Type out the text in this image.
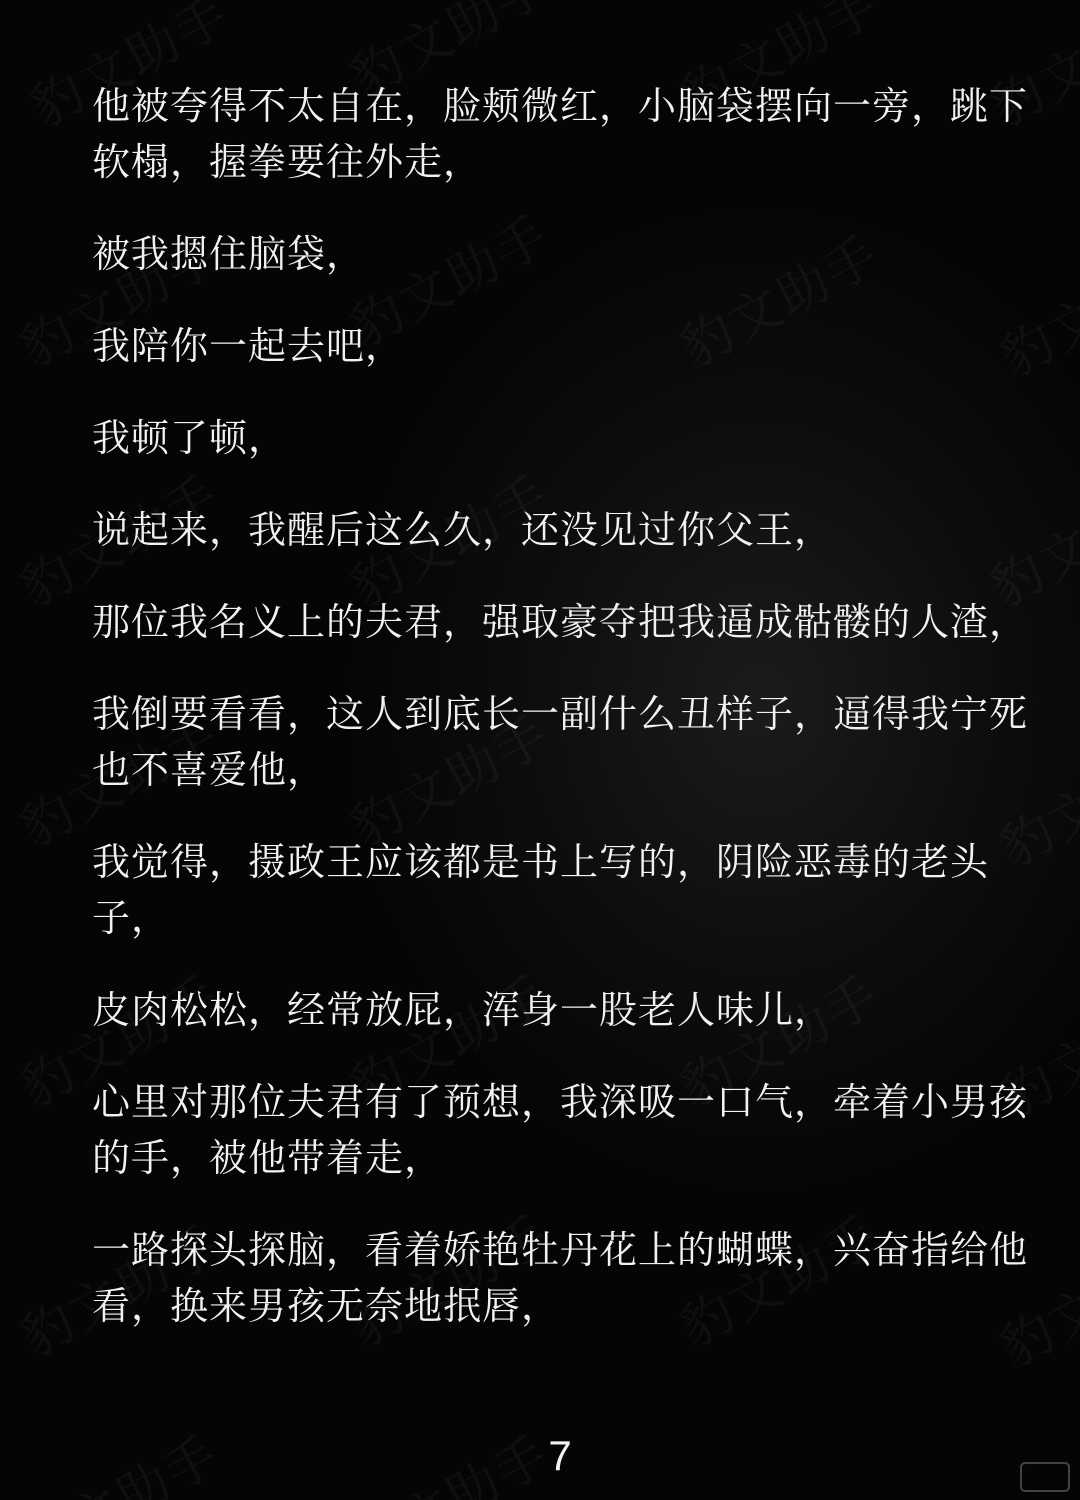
他被夸得不太自在，脸颊微红，小脑袋摆向一旁，跳下软榻，握拳要往外走，

被我摁住脑袋，

我陪你一起去吧，

我顿了顿，

说起来，我醒后这么久，还没见过你父王，

那位我名义上的夫君，强取豪夺把我逼成骷髅的人渣，

我倒要看看，这人到底长一副什么丑样子，逼得我宁死也不喜爱他，

我觉得，摄政王应该都是书上写的，阴险恶毒的老头子，

皮肉松松，经常放屁，浑身一股老人味儿，

心里对那位夫君有了预想，我深吸一口气，牵着小男孩的手，被他带着走，

一路探头探脑，看着娇艳牡丹花上的蝴蝶，兴奋指给他看，换来男孩无奈地抿唇，

7
